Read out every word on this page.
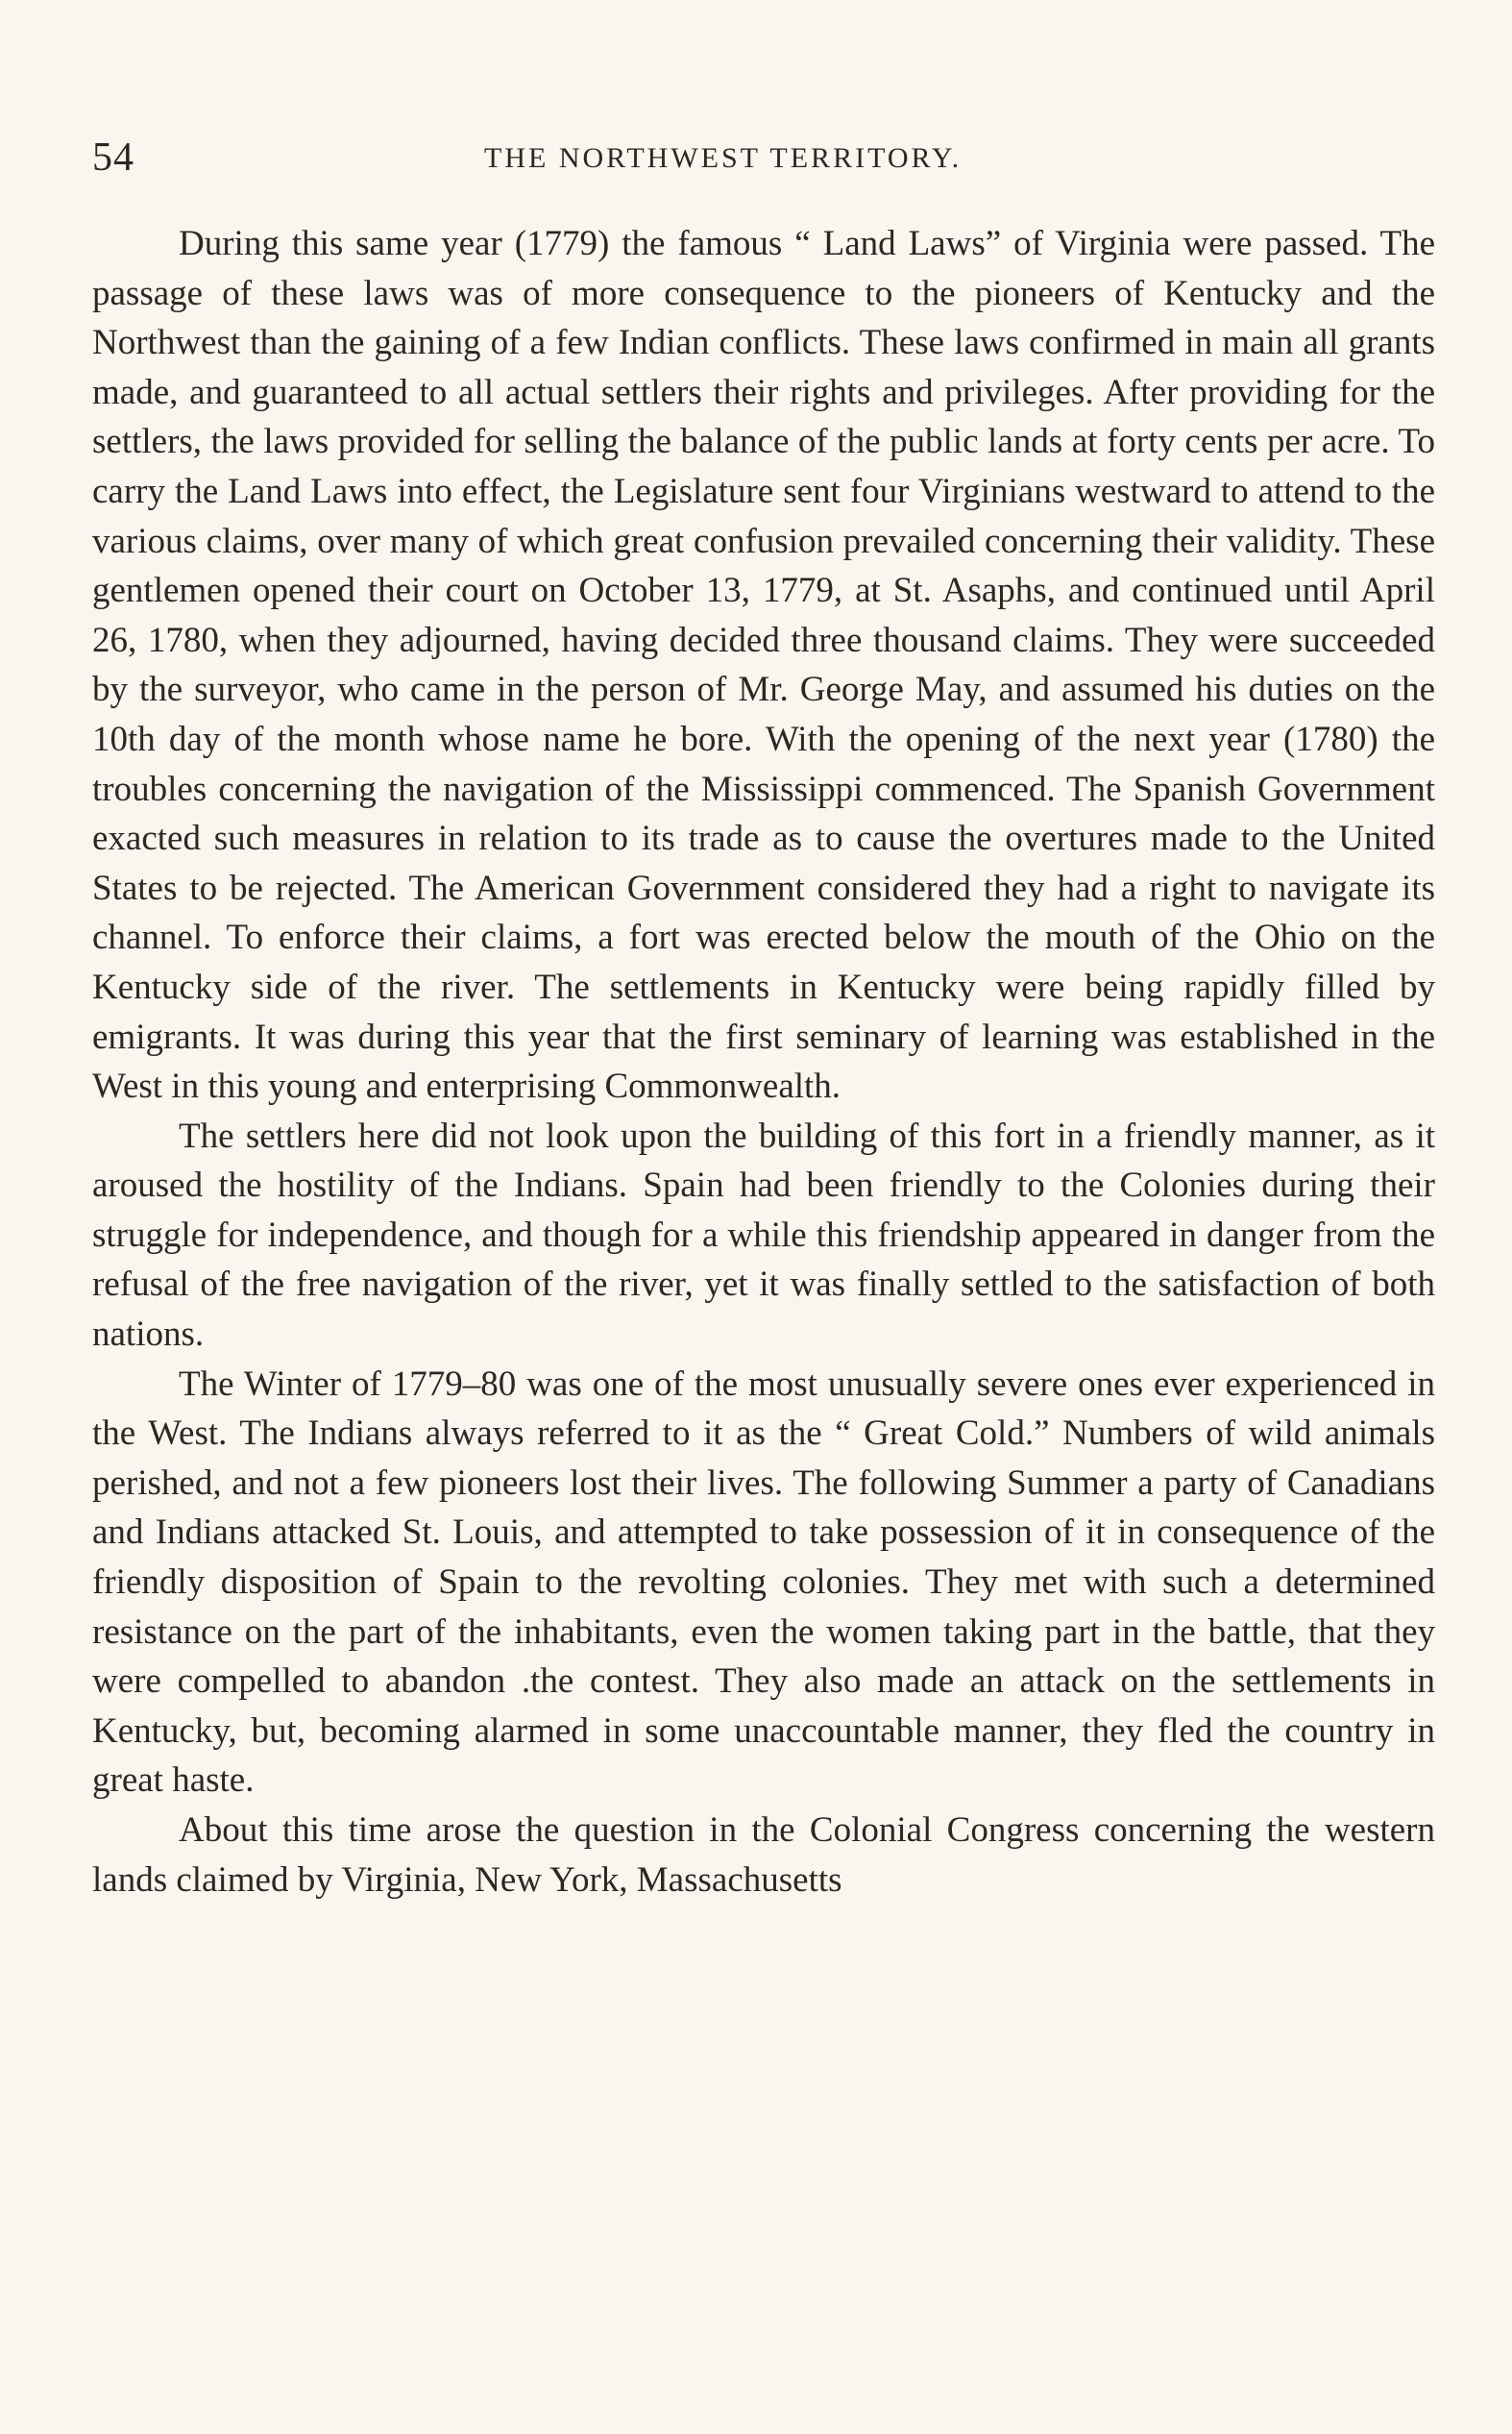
54	THE NORTHWEST TERRITORY.

During this same year (1779) the famous “ Land Laws” of Virginia were passed. The passage of these laws was of more consequence to the pioneers of Kentucky and the Northwest than the gaining of a few Indian conflicts. These laws confirmed in main all grants made, and guaranteed to all actual settlers their rights and privileges. After providing for the settlers, the laws provided for selling the balance of the public lands at forty cents per acre. To carry the Land Laws into effect, the Legislature sent four Virginians westward to attend to the various claims, over many of which great confusion prevailed concerning their validity. These gentlemen opened their court on October 13, 1779, at St. Asaphs, and continued until April 26, 1780, when they adjourned, having decided three thousand claims. They were succeeded by the surveyor, who came in the person of Mr. George May, and assumed his duties on the 10th day of the month whose name he bore. With the opening of the next year (1780) the troubles concerning the navigation of the Mississippi commenced. The Spanish Government exacted such measures in relation to its trade as to cause the overtures made to the United States to be rejected. The American Government considered they had a right to navigate its channel. To enforce their claims, a fort was erected below the mouth of the Ohio on the Kentucky side of the river. The settlements in Kentucky were being rapidly filled by emigrants. It was during this year that the first seminary of learning was established in the West in this young and enterprising Commonwealth.

The settlers here did not look upon the building of this fort in a friendly manner, as it aroused the hostility of the Indians. Spain had been friendly to the Colonies during their struggle for independence, and though for a while this friendship appeared in danger from the refusal of the free navigation of the river, yet it was finally settled to the satisfaction of both nations.

The Winter of 1779–80 was one of the most unusually severe ones ever experienced in the West. The Indians always referred to it as the “ Great Cold.” Numbers of wild animals perished, and not a few pioneers lost their lives. The following Summer a party of Canadians and Indians attacked St. Louis, and attempted to take possession of it in consequence of the friendly disposition of Spain to the revolting colonies. They met with such a determined resistance on the part of the inhabitants, even the women taking part in the battle, that they were compelled to abandon .the contest. They also made an attack on the settlements in Kentucky, but, becoming alarmed in some unaccountable manner, they fled the country in great haste.

About this time arose the question in the Colonial Congress concerning the western lands claimed by Virginia, New York, Massachusetts
